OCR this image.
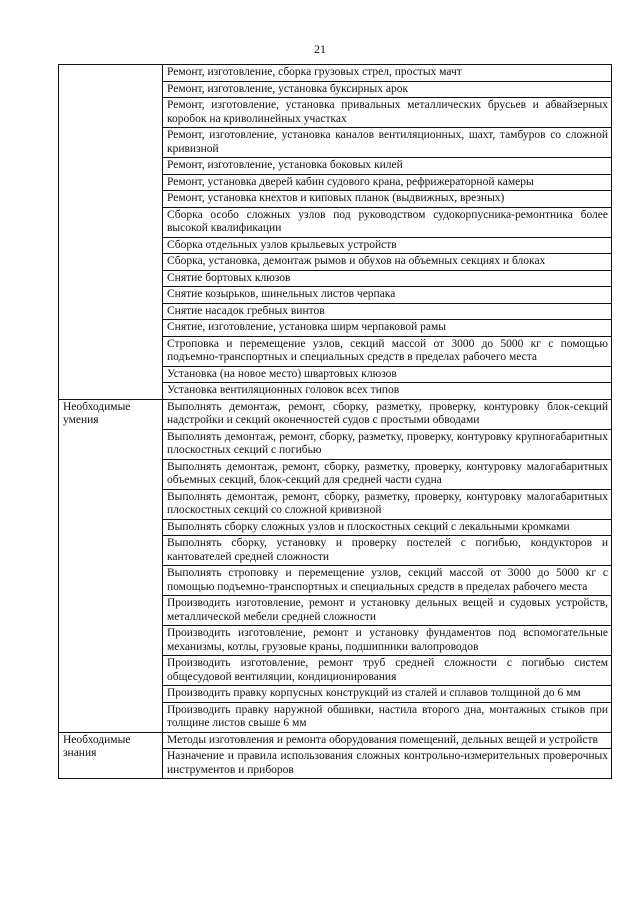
21
	Ремонт, изготовление, сборка грузовых стрел, простых мачт
	Ремонт, изготовление, установка буксирных арок
	Ремонт, изготовление, установка привальных металлических брусьев и абвайзерных коробок на криволинейных участках
	Ремонт, изготовление, установка каналов вентиляционных, шахт, тамбуров со сложной кривизной
	Ремонт, изготовление, установка боковых килей
	Ремонт, установка дверей кабин судового крана, рефрижераторной камеры
	Ремонт, установка кнехтов и киповых планок (выдвижных, врезных)
	Сборка особо сложных узлов под руководством судокорпусника-ремонтника более высокой квалификации
	Сборка отдельных узлов крыльевых устройств
	Сборка, установка, демонтаж рымов и обухов на объемных секциях и блоках
	Снятие бортовых клюзов
	Снятие козырьков, шинельных листов черпака
	Снятие насадок гребных винтов
	Снятие, изготовление, установка ширм черпаковой рамы
	Строповка и перемещение узлов, секций массой от 3000 до 5000 кг с помощью подъемно-транспортных и специальных средств в пределах рабочего места
	Установка (на новое место) швартовых клюзов
	Установка вентиляционных головок всех типов
Необходимые умения	Выполнять демонтаж, ремонт, сборку, разметку, проверку, контуровку блок-секций надстройки и секций оконечностей судов с простыми обводами
	Выполнять демонтаж, ремонт, сборку, разметку, проверку, контуровку крупногабаритных плоскостных секций с погибью
	Выполнять демонтаж, ремонт, сборку, разметку, проверку, контуровку малогабаритных объемных секций, блок-секций для средней части судна
	Выполнять демонтаж, ремонт, сборку, разметку, проверку, контуровку малогабаритных плоскостных секций со сложной кривизной
	Выполнять сборку сложных узлов и плоскостных секций с лекальными кромками
	Выполнять сборку, установку и проверку постелей с погибью, кондукторов и кантователей средней сложности
	Выполнять строповку и перемещение узлов, секций массой от 3000 до 5000 кг с помощью подъемно-транспортных и специальных средств в пределах рабочего места
	Производить изготовление, ремонт и установку дельных вещей и судовых устройств, металлической мебели средней сложности
	Производить изготовление, ремонт и установку фундаментов под вспомогательные механизмы, котлы, грузовые краны, подшипники валопроводов
	Производить изготовление, ремонт труб средней сложности с погибью систем общесудовой вентиляции, кондиционирования
	Производить правку корпусных конструкций из сталей и сплавов толщиной до 6 мм
	Производить правку наружной обшивки, настила второго дна, монтажных стыков при толщине листов свыше 6 мм
Необходимые знания	Методы изготовления и ремонта оборудования помещений, дельных вещей и устройств
	Назначение и правила использования сложных контрольно-измерительных проверочных инструментов и приборов
